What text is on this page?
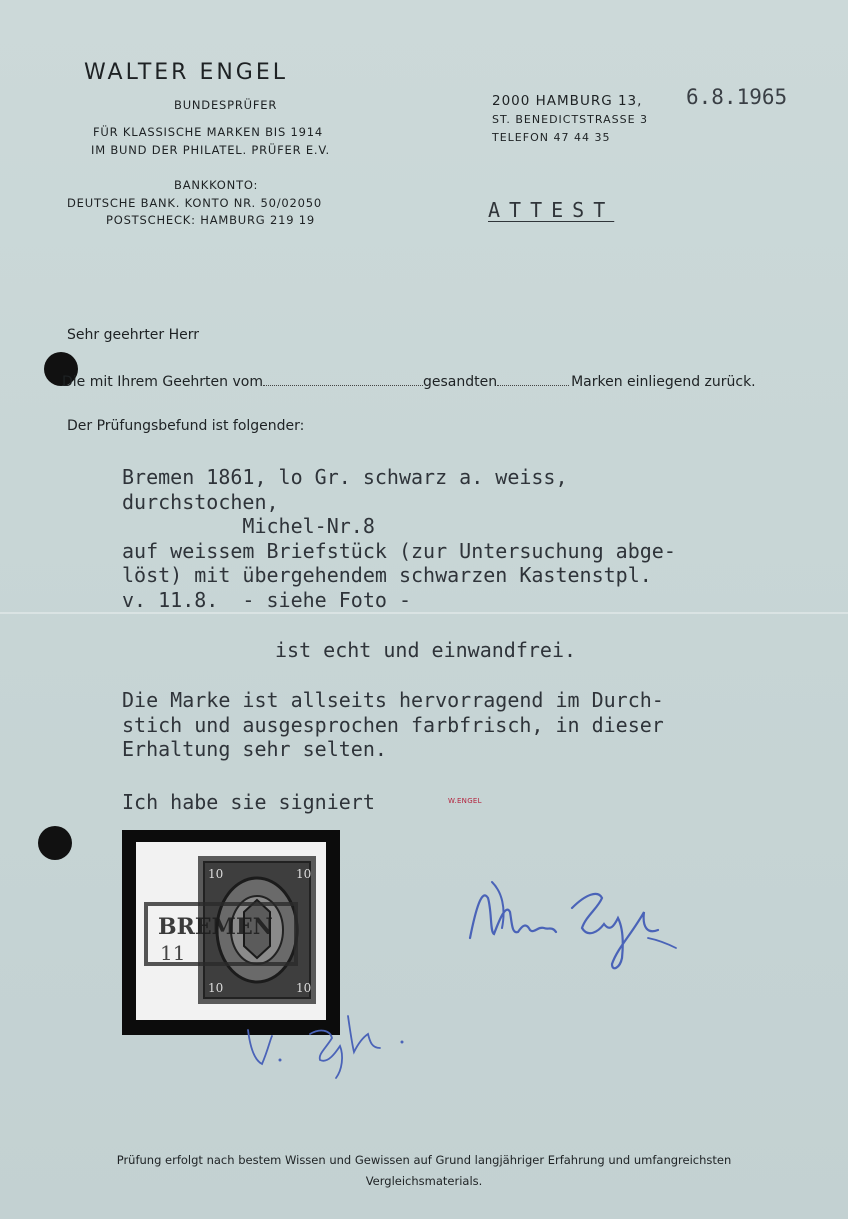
WALTER ENGEL
BUNDESPRÜFER
FÜR KLASSISCHE MARKEN BIS 1914
IM BUND DER PHILATEL. PRÜFER E.V.
BANKKONTO:
DEUTSCHE BANK. KONTO NR. 50/02050
POSTSCHECK: HAMBURG 219 19
2000 HAMBURG 13, 6.8.1965
ST. BENEDICTSTRASSE 3
TELEFON 47 44 35
ATTEST
Sehr geehrter Herr
Die mit Ihrem Geehrten vom	gesandten	Marken einliegend zurück.
Der Prüfungsbefund ist folgender:
Bremen 1861, lo Gr. schwarz a. weiss,
durchstochen,
Michel-Nr.8
auf weissem Briefstück (zur Untersuchung abge-
löst) mit übergehendem schwarzen Kastenstpl.
v. 11.8.  - siehe Foto -
ist echt und einwandfrei.
Die Marke ist allseits hervorragend im Durch-
stich und ausgesprochen farbfrisch, in dieser
Erhaltung sehr selten.
Ich habe sie signiert	W.ENGEL
10	10
10	10
BREMEN
11
Prüfung erfolgt nach bestem Wissen und Gewissen auf Grund langjähriger Erfahrung und umfangreichsten
Vergleichsmaterials.
